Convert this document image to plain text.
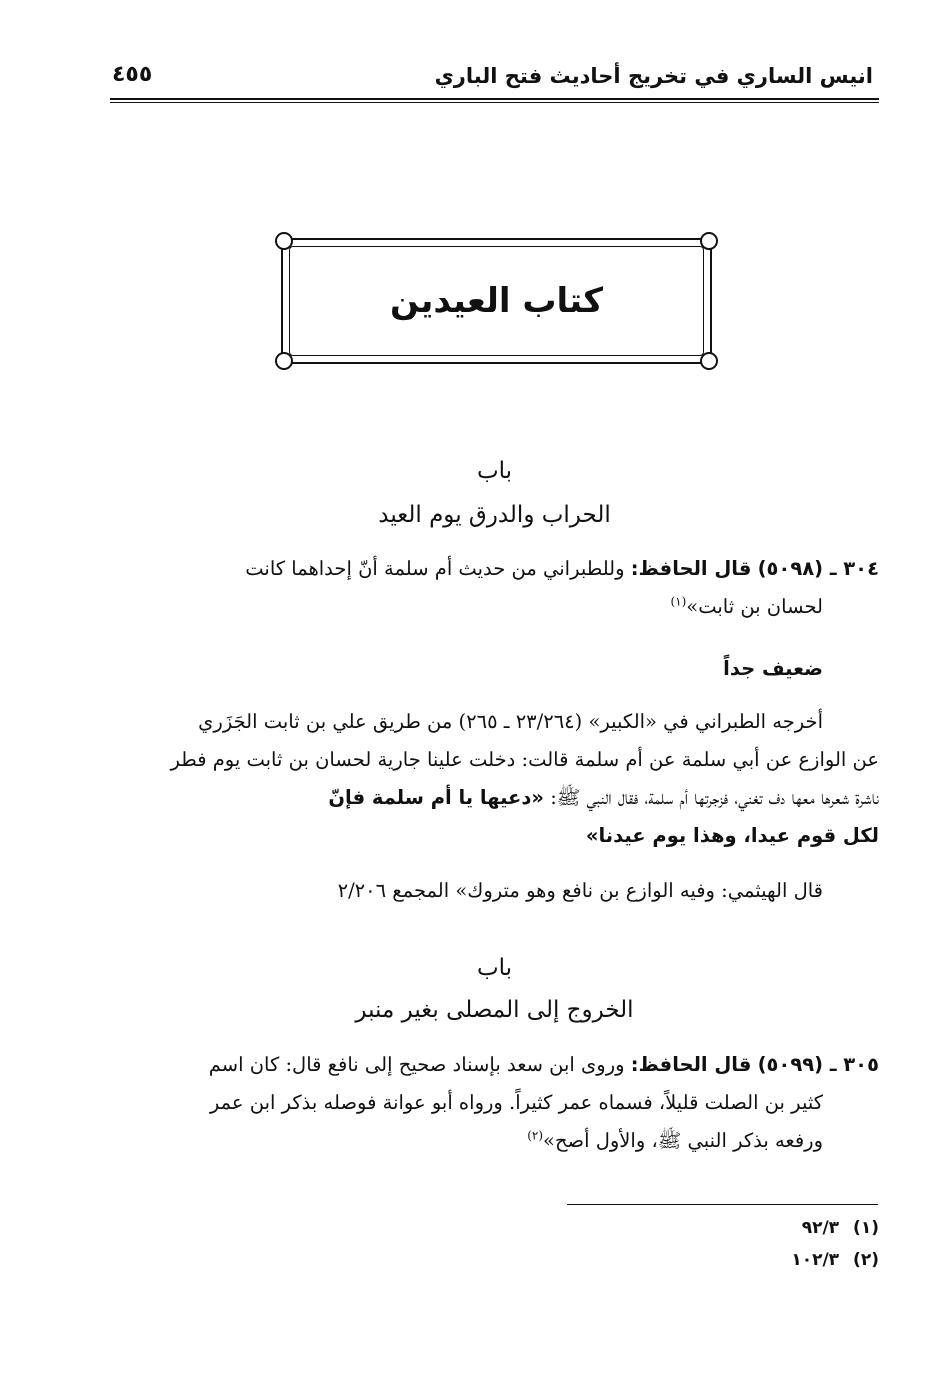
انيس الساري في تخريج أحاديث فتح الباري
٤٥٥
كتاب العيدين
باب
الحراب والدرق يوم العيد
٣٠٤ ـ (٥٠٩٨) قال الحافظ: وللطبراني من حديث أم سلمة أنّ إحداهما كانت
لحسان بن ثابت»$^{(١)}$
ضعيف جداً
أخرجه الطبراني في «الكبير» (٢٣/٢٦٤ ـ ٢٦٥) من طريق علي بن ثابت الجَزَري
عن الوازع عن أبي سلمة عن أم سلمة قالت: دخلت علينا جارية لحسان بن ثابت يوم فطر
ناشرة شعرها معها دف تغني، فزجرتها أم سلمة، فقال النبي ﷺ: «دعيها يا أم سلمة فإنّ
لكل قوم عيدا، وهذا يوم عيدنا»
قال الهيثمي: وفيه الوازع بن نافع وهو متروك» المجمع ٢/٢٠٦
باب
الخروج إلى المصلى بغير منبر
٣٠٥ ـ (٥٠٩٩) قال الحافظ: وروى ابن سعد بإسناد صحيح إلى نافع قال: كان اسم
كثير بن الصلت قليلاً، فسماه عمر كثيراً. ورواه أبو عوانة فوصله بذكر ابن عمر
ورفعه بذكر النبي ﷺ، والأول أصح»$^{(٢)}$
(١)٩٢/٣
(٢)١٠٢/٣
